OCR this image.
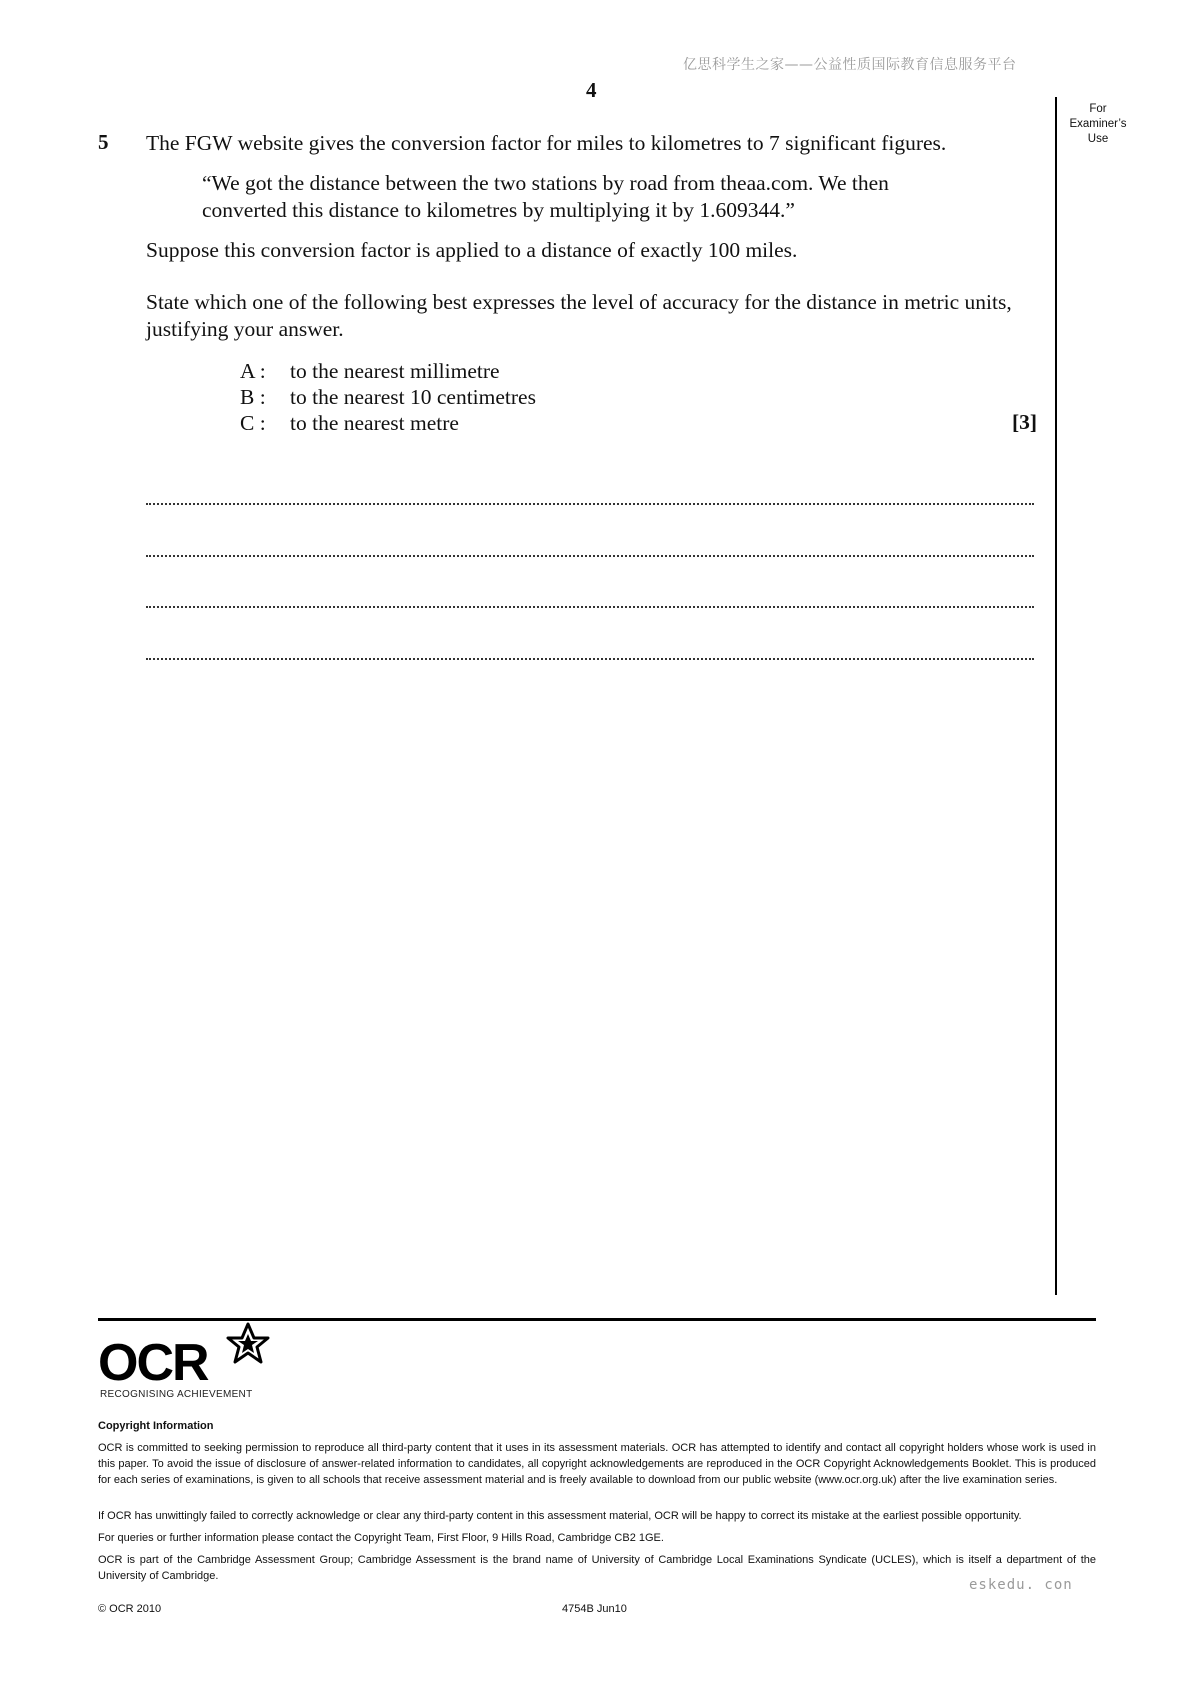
亿思科学生之家——公益性质国际教育信息服务平台
4
For
Examiner’s
Use
5 The FGW website gives the conversion factor for miles to kilometres to 7 significant figures.
“We got the distance between the two stations by road from theaa.com. We then
converted this distance to kilometres by multiplying it by 1.609344.”
Suppose this conversion factor is applied to a distance of exactly 100 miles.
State which one of the following best expresses the level of accuracy for the distance in metric units, justifying your answer.
A : to the nearest millimetre
B : to the nearest 10 centimetres
C : to the nearest metre	[3]
OCR
RECOGNISING ACHIEVEMENT
Copyright Information
OCR is committed to seeking permission to reproduce all third-party content that it uses in its assessment materials. OCR has attempted to identify and contact all copyright holders whose work is used in this paper. To avoid the issue of disclosure of answer-related information to candidates, all copyright acknowledgements are reproduced in the OCR Copyright Acknowledgements Booklet. This is produced for each series of examinations, is given to all schools that receive assessment material and is freely available to download from our public website (www.ocr.org.uk) after the live examination series.
If OCR has unwittingly failed to correctly acknowledge or clear any third-party content in this assessment material, OCR will be happy to correct its mistake at the earliest possible opportunity.
For queries or further information please contact the Copyright Team, First Floor, 9 Hills Road, Cambridge CB2 1GE.
OCR is part of the Cambridge Assessment Group; Cambridge Assessment is the brand name of University of Cambridge Local Examinations Syndicate (UCLES), which is itself a department of the University of Cambridge.
eskedu. con
© OCR 2010	4754B Jun10
